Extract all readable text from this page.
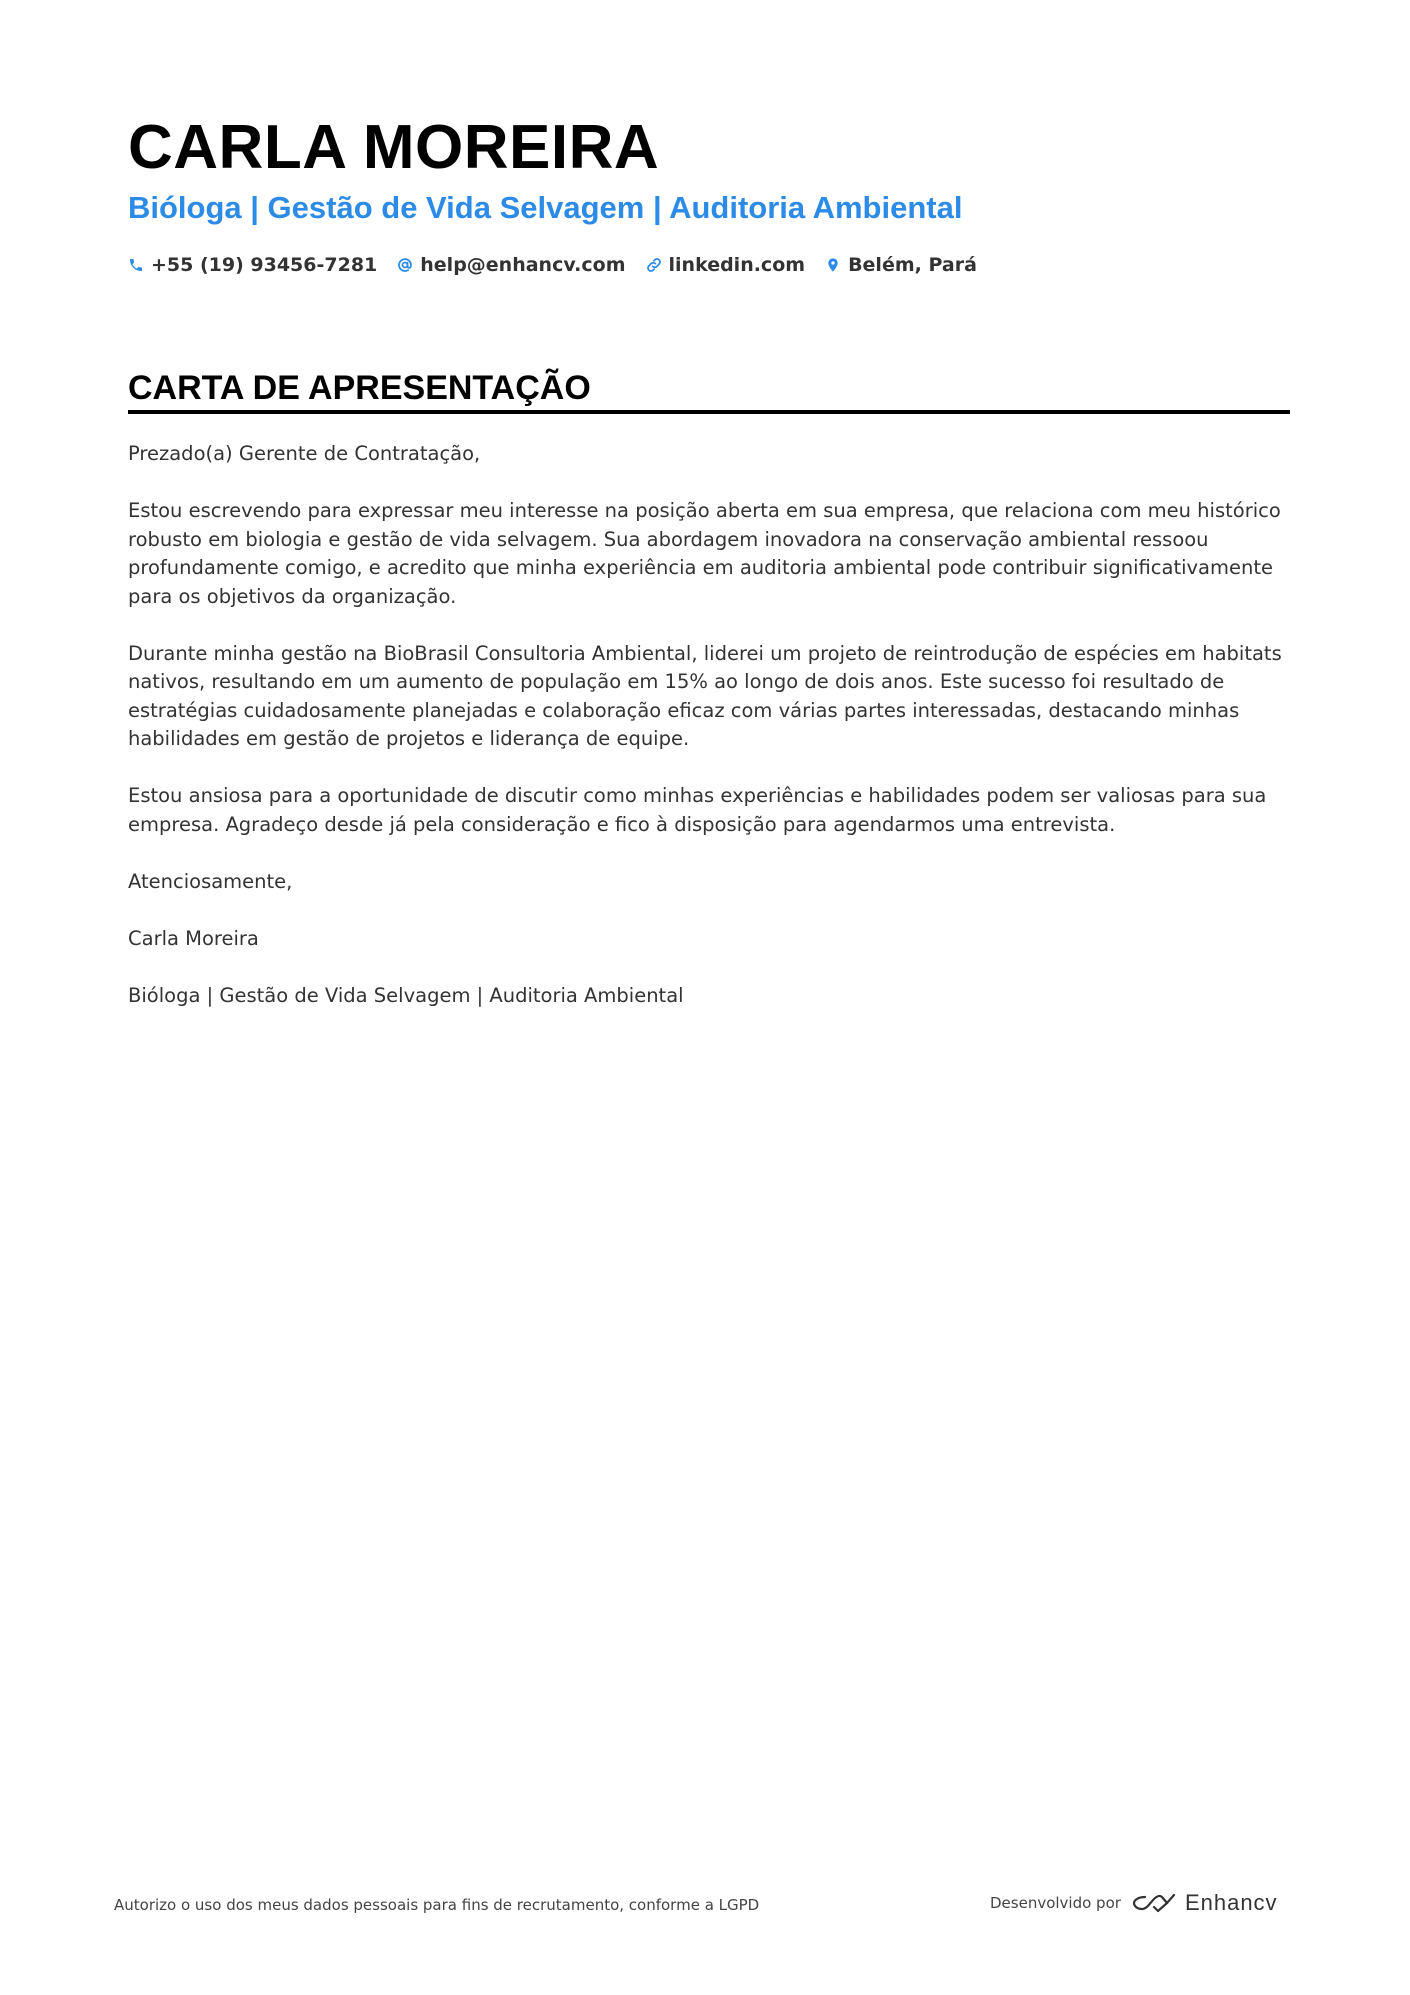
CARLA MOREIRA
Bióloga | Gestão de Vida Selvagem | Auditoria Ambiental
+55 (19) 93456-7281 help@enhancv.com linkedin.com Belém, Pará
CARTA DE APRESENTAÇÃO

Prezado(a) Gerente de Contratação,

Estou escrevendo para expressar meu interesse na posição aberta em sua empresa, que relaciona com meu histórico robusto em biologia e gestão de vida selvagem. Sua abordagem inovadora na conservação ambiental ressoou profundamente comigo, e acredito que minha experiência em auditoria ambiental pode contribuir significativamente para os objetivos da organização.

Durante minha gestão na BioBrasil Consultoria Ambiental, liderei um projeto de reintrodução de espécies em habitats nativos, resultando em um aumento de população em 15% ao longo de dois anos. Este sucesso foi resultado de estratégias cuidadosamente planejadas e colaboração eficaz com várias partes interessadas, destacando minhas habilidades em gestão de projetos e liderança de equipe.

Estou ansiosa para a oportunidade de discutir como minhas experiências e habilidades podem ser valiosas para sua empresa. Agradeço desde já pela consideração e fico à disposição para agendarmos uma entrevista.

Atenciosamente,

Carla Moreira

Bióloga | Gestão de Vida Selvagem | Auditoria Ambiental

Autorizo o uso dos meus dados pessoais para fins de recrutamento, conforme a LGPD	Desenvolvido por	Enhancv
